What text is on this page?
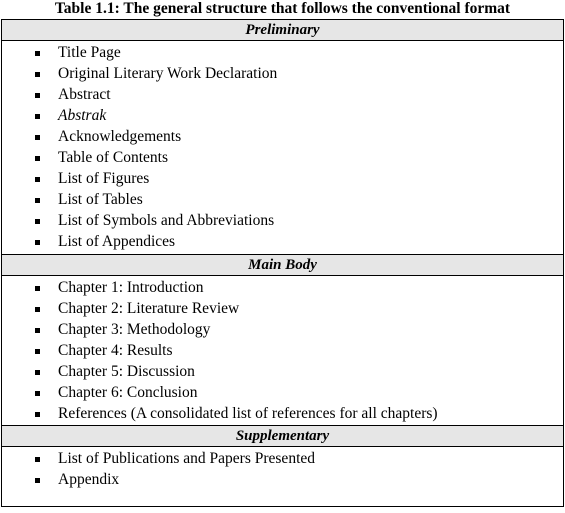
Table 1.1: The general structure that follows the conventional format
Preliminary
Title Page
Original Literary Work Declaration
Abstract
Abstrak
Acknowledgements
Table of Contents
List of Figures
List of Tables
List of Symbols and Abbreviations
List of Appendices
Main Body
Chapter 1: Introduction
Chapter 2: Literature Review
Chapter 3: Methodology
Chapter 4: Results
Chapter 5: Discussion
Chapter 6: Conclusion
References (A consolidated list of references for all chapters)
Supplementary
List of Publications and Papers Presented
Appendix
